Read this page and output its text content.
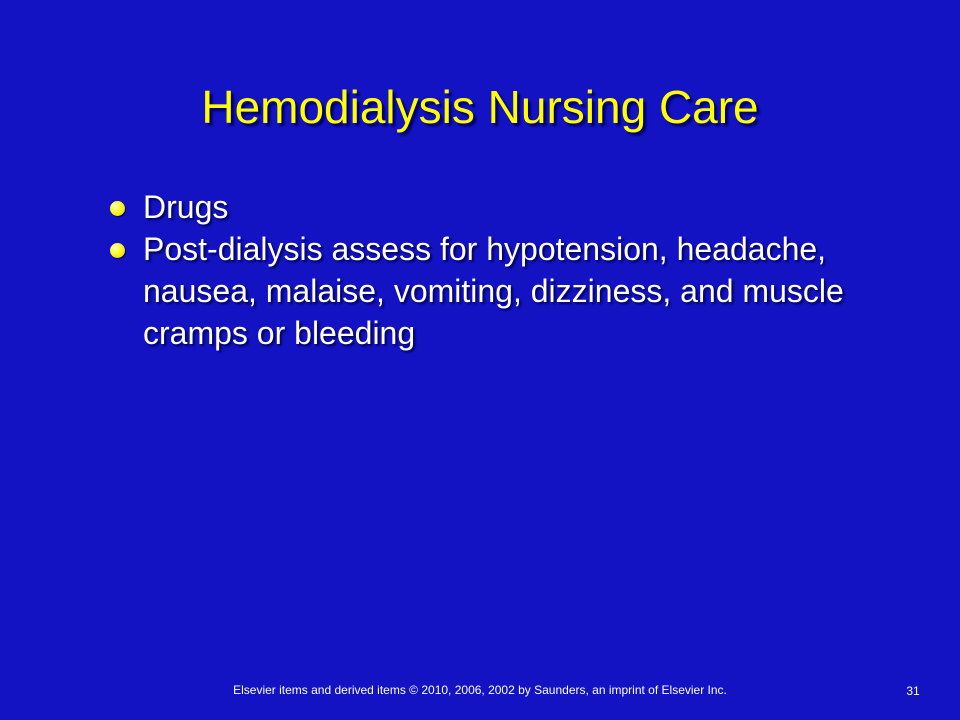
Hemodialysis Nursing Care
Drugs
Post-dialysis assess for hypotension, headache, nausea, malaise, vomiting, dizziness, and muscle cramps or bleeding
Elsevier items and derived items © 2010, 2006, 2002 by Saunders, an imprint of Elsevier Inc.	31
